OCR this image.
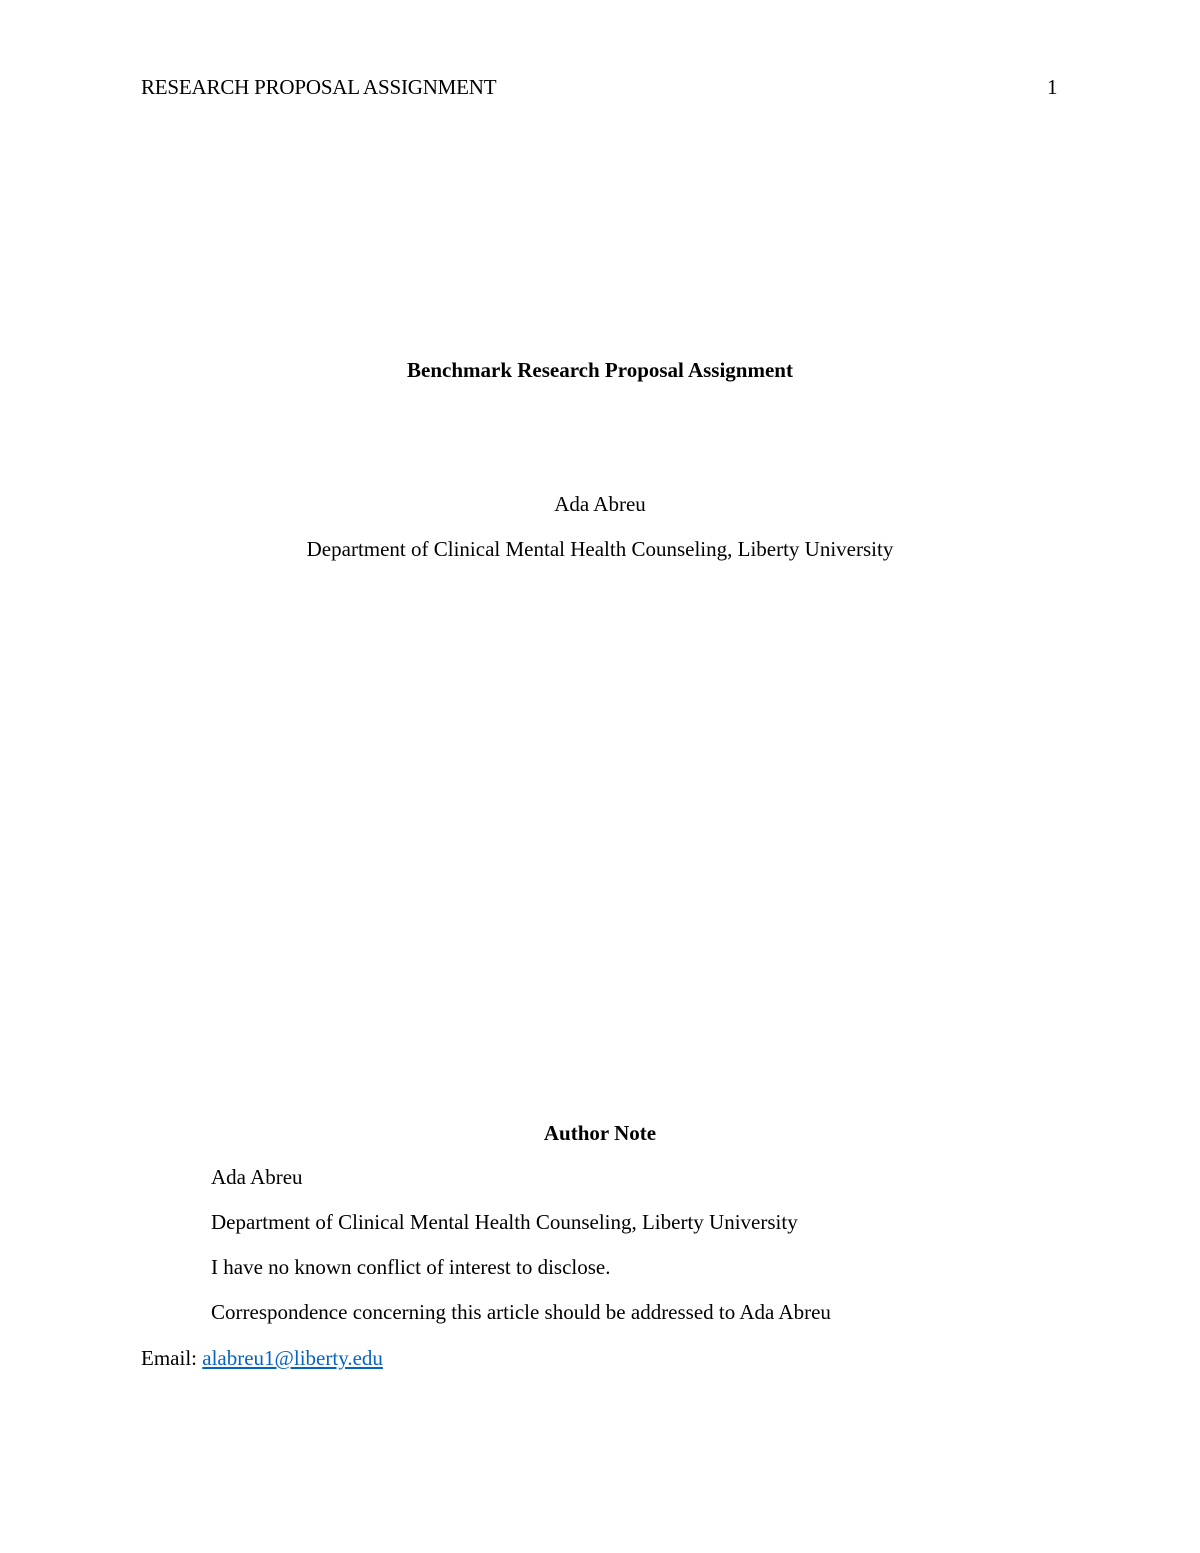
RESEARCH PROPOSAL ASSIGNMENT	1
Benchmark Research Proposal Assignment
Ada Abreu
Department of Clinical Mental Health Counseling, Liberty University
Author Note
Ada Abreu
Department of Clinical Mental Health Counseling, Liberty University
I have no known conflict of interest to disclose.
Correspondence concerning this article should be addressed to Ada Abreu
Email: alabreu1@liberty.edu
